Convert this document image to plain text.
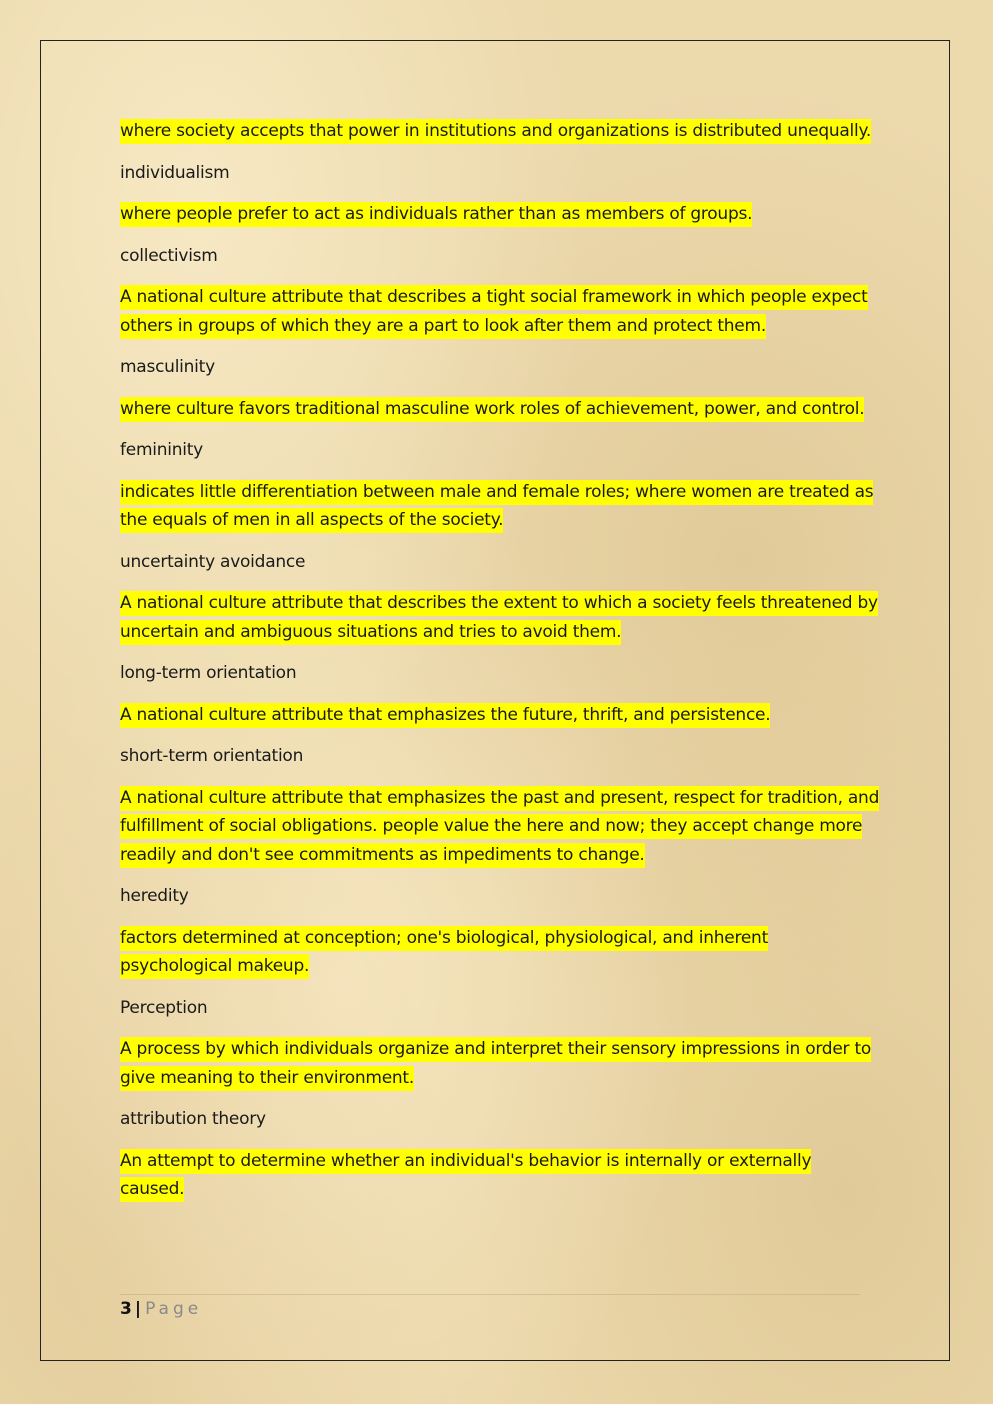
where society accepts that power in institutions and organizations is distributed unequally.

individualism

where people prefer to act as individuals rather than as members of groups.

collectivism

A national culture attribute that describes a tight social framework in which people expect others in groups of which they are a part to look after them and protect them.

masculinity

where culture favors traditional masculine work roles of achievement, power, and control.

femininity

indicates little differentiation between male and female roles; where women are treated as the equals of men in all aspects of the society.

uncertainty avoidance

A national culture attribute that describes the extent to which a society feels threatened by uncertain and ambiguous situations and tries to avoid them.

long-term orientation

A national culture attribute that emphasizes the future, thrift, and persistence.

short-term orientation

A national culture attribute that emphasizes the past and present, respect for tradition, and fulfillment of social obligations. people value the here and now; they accept change more readily and don't see commitments as impediments to change.

heredity

factors determined at conception; one's biological, physiological, and inherent psychological makeup.

Perception

A process by which individuals organize and interpret their sensory impressions in order to give meaning to their environment.

attribution theory

An attempt to determine whether an individual's behavior is internally or externally caused.

3 | Page
